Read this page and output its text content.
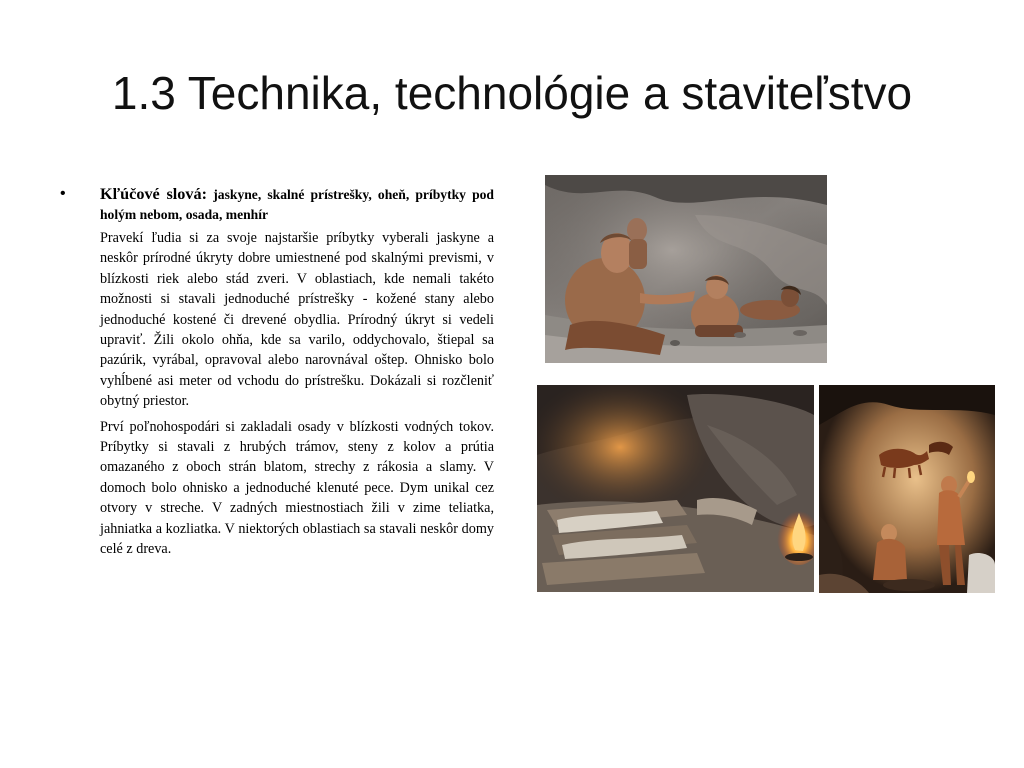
1.3 Technika, technológie a staviteľstvo
• Kľúčové slová: jaskyne, skalné prístrešky, oheň, príbytky pod holým nebom, osada, menhír

Pravekí ľudia si za svoje najstaršie príbytky vyberali jaskyne a neskôr prírodné úkryty dobre umiestnené pod skalnými prevismi, v blízkosti riek alebo stád zveri. V oblastiach, kde nemali takéto možnosti si stavali jednoduché prístrešky - kožené stany alebo jednoduché kostené či drevené obydlia. Prírodný úkryt si vedeli upraviť. Žili okolo ohňa, kde sa varilo, oddychovalo, štiepal sa pazúrik, vyrábal, opravoval alebo narovnával oštep. Ohnisko bolo vyhĺbené asi meter od vchodu do prístrešku. Dokázali si rozčleniť obytný priestor.

Prví poľnohospodári si zakladali osady v blízkosti vodných tokov. Príbytky si stavali z hrubých trámov, steny z kolov a prútia omazaného z oboch strán blatom, strechy z rákosia a slamy. V domoch bolo ohnisko a jednoduché klenuté pece. Dym unikal cez otvory v streche. V zadných miestnostiach žili v zime teliatka, jahniatka a kozliatka. V niektorých oblastiach sa stavali neskôr domy celé z dreva.
